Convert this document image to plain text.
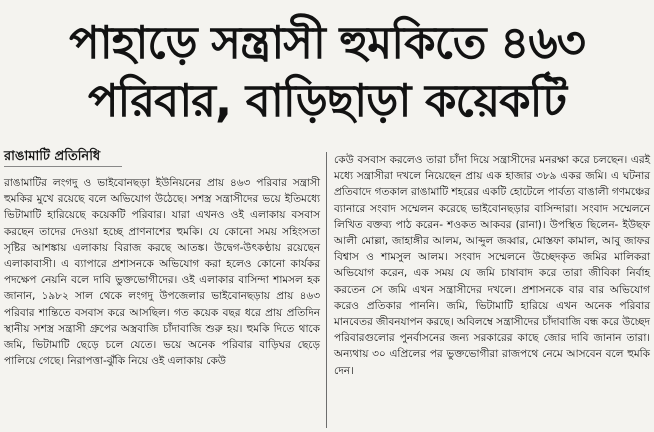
পাহাড়ে সন্ত্রাসী হুমকিতে ৪৬৩
পরিবার, বাড়িছাড়া কয়েকটি
রাঙামাটি প্রতিনিধি

রাঙামাটির লংগদু ও ভাইবোনছড়া ইউনিয়নের প্রায় ৪৬৩ পরিবার সন্ত্রাসী হুমকির মুখে রয়েছে বলে অভিযোগ উঠেছে। সশস্ত্র সন্ত্রাসীদের ভয়ে ইতিমধ্যে ভিটামাটি হারিয়েছে কয়েকটি পরিবার। যারা এখনও ওই এলাকায় বসবাস করছেন তাদের দেওয়া হচ্ছে প্রাণনাশের হুমকি। যে কোনো সময় সহিংসতা সৃষ্টির আশঙ্কায় এলাকায় বিরাজ করছে আতঙ্ক। উদ্বেগ-উৎকণ্ঠায় রয়েছেন এলাকাবাসী। এ ব্যাপারে প্রশাসনকে অভিযোগ করা হলেও কোনো কার্যকর পদক্ষেপ নেয়নি বলে দাবি ভুক্তভোগীদের। ওই এলাকার বাসিন্দা শামসল হক জানান, ১৯৮২ সাল থেকে লংগদু উপজেলার ভাইবোনছড়ায় প্রায় ৪৬৩ পরিবার শান্তিতে বসবাস করে আসছিল। গত কয়েক বছর ধরে প্রায় প্রতিদিন স্থানীয় সশস্ত্র সন্ত্রাসী গ্রুপের অস্ত্রবাজি চাঁদাবাজি শুরু হয়। হুমকি দিতে থাকে জমি, ভিটামাটি ছেড়ে চলে যেতে। ভয়ে অনেক পরিবার বাড়িঘর ছেড়ে পালিয়ে গেছে। নিরাপত্তা-ঝুঁকি নিয়ে ওই এলাকায় কেউ

কেউ বসবাস করলেও তারা চাঁদা দিয়ে সন্ত্রাসীদের মনরক্ষা করে চলছেন। এরই মধ্যে সন্ত্রাসীরা দখলে নিয়েছেন প্রায় এক হাজার ৩৮৯ একর জমি। এ ঘটনার প্রতিবাদে গতকাল রাঙামাটি শহরের একটি হোটেলে পার্বত্য বাঙালী গণমঞ্চের ব্যানারে সংবাদ সম্মেলন করেছে ভাইবোনছড়ার বাসিন্দারা। সংবাদ সম্মেলনে লিখিত বক্তব্য পাঠ করেন- শওকত আকবর (রানা)। উপস্থিত ছিলেন- ইউছফ আলী মোল্লা, জাহাঙ্গীর আলম, আব্দুল জব্বার, মোস্তফা কামাল, আবু জাফর বিশ্বাস ও শামসুল আলম। সংবাদ সম্মেলনে উচ্ছেদকৃত জমির মালিকরা অভিযোগ করেন, এক সময় যে জমি চাষাবাদ করে তারা জীবিকা নির্বাহ করতেন সে জমি এখন সন্ত্রাসীদের দখলে। প্রশাসনকে বার বার অভিযোগ করেও প্রতিকার পাননি। জমি, ভিটামাটি হারিয়ে এখন অনেক পরিবার মানবেতর জীবনযাপন করছে। অবিলম্বে সন্ত্রাসীদের চাঁদাবাজি বন্ধ করে উচ্ছেদ পরিবারগুলোর পুনর্বাসনের জন্য সরকারের কাছে জোর দাবি জানান তারা। অন্যথায় ৩০ এপ্রিলের পর ভুক্তভোগীরা রাজপথে নেমে আসবেন বলে হুমকি দেন।
